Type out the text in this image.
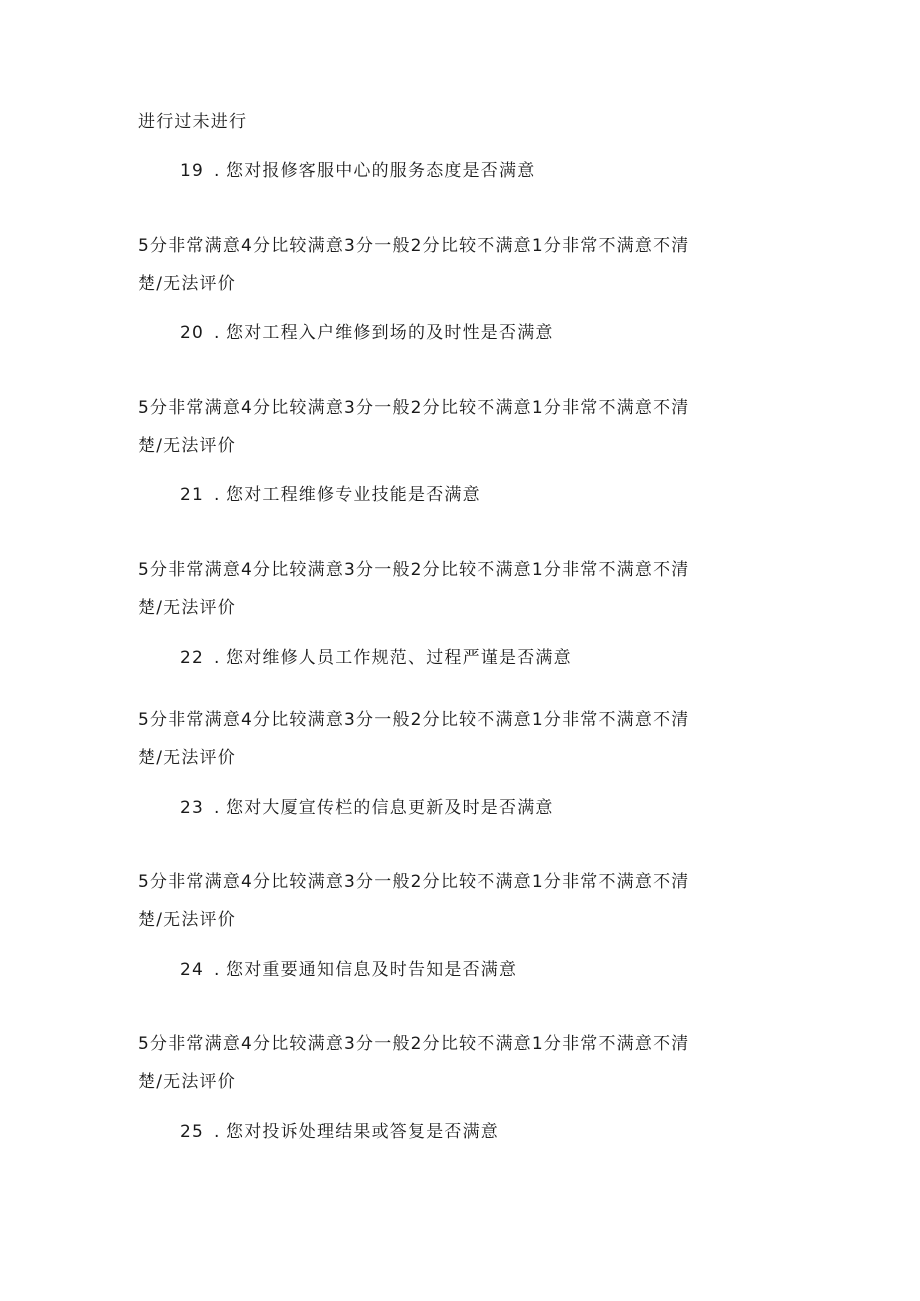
进行过未进行
19 . 您对报修客服中心的服务态度是否满意
5分非常满意4分比较满意3分一般2分比较不满意1分非常不满意不清
楚/无法评价
20 . 您对工程入户维修到场的及时性是否满意
5分非常满意4分比较满意3分一般2分比较不满意1分非常不满意不清
楚/无法评价
21 . 您对工程维修专业技能是否满意
5分非常满意4分比较满意3分一般2分比较不满意1分非常不满意不清
楚/无法评价
22 . 您对维修人员工作规范、过程严谨是否满意
5分非常满意4分比较满意3分一般2分比较不满意1分非常不满意不清
楚/无法评价
23 . 您对大厦宣传栏的信息更新及时是否满意
5分非常满意4分比较满意3分一般2分比较不满意1分非常不满意不清
楚/无法评价
24 . 您对重要通知信息及时告知是否满意
5分非常满意4分比较满意3分一般2分比较不满意1分非常不满意不清
楚/无法评价
25 . 您对投诉处理结果或答复是否满意
